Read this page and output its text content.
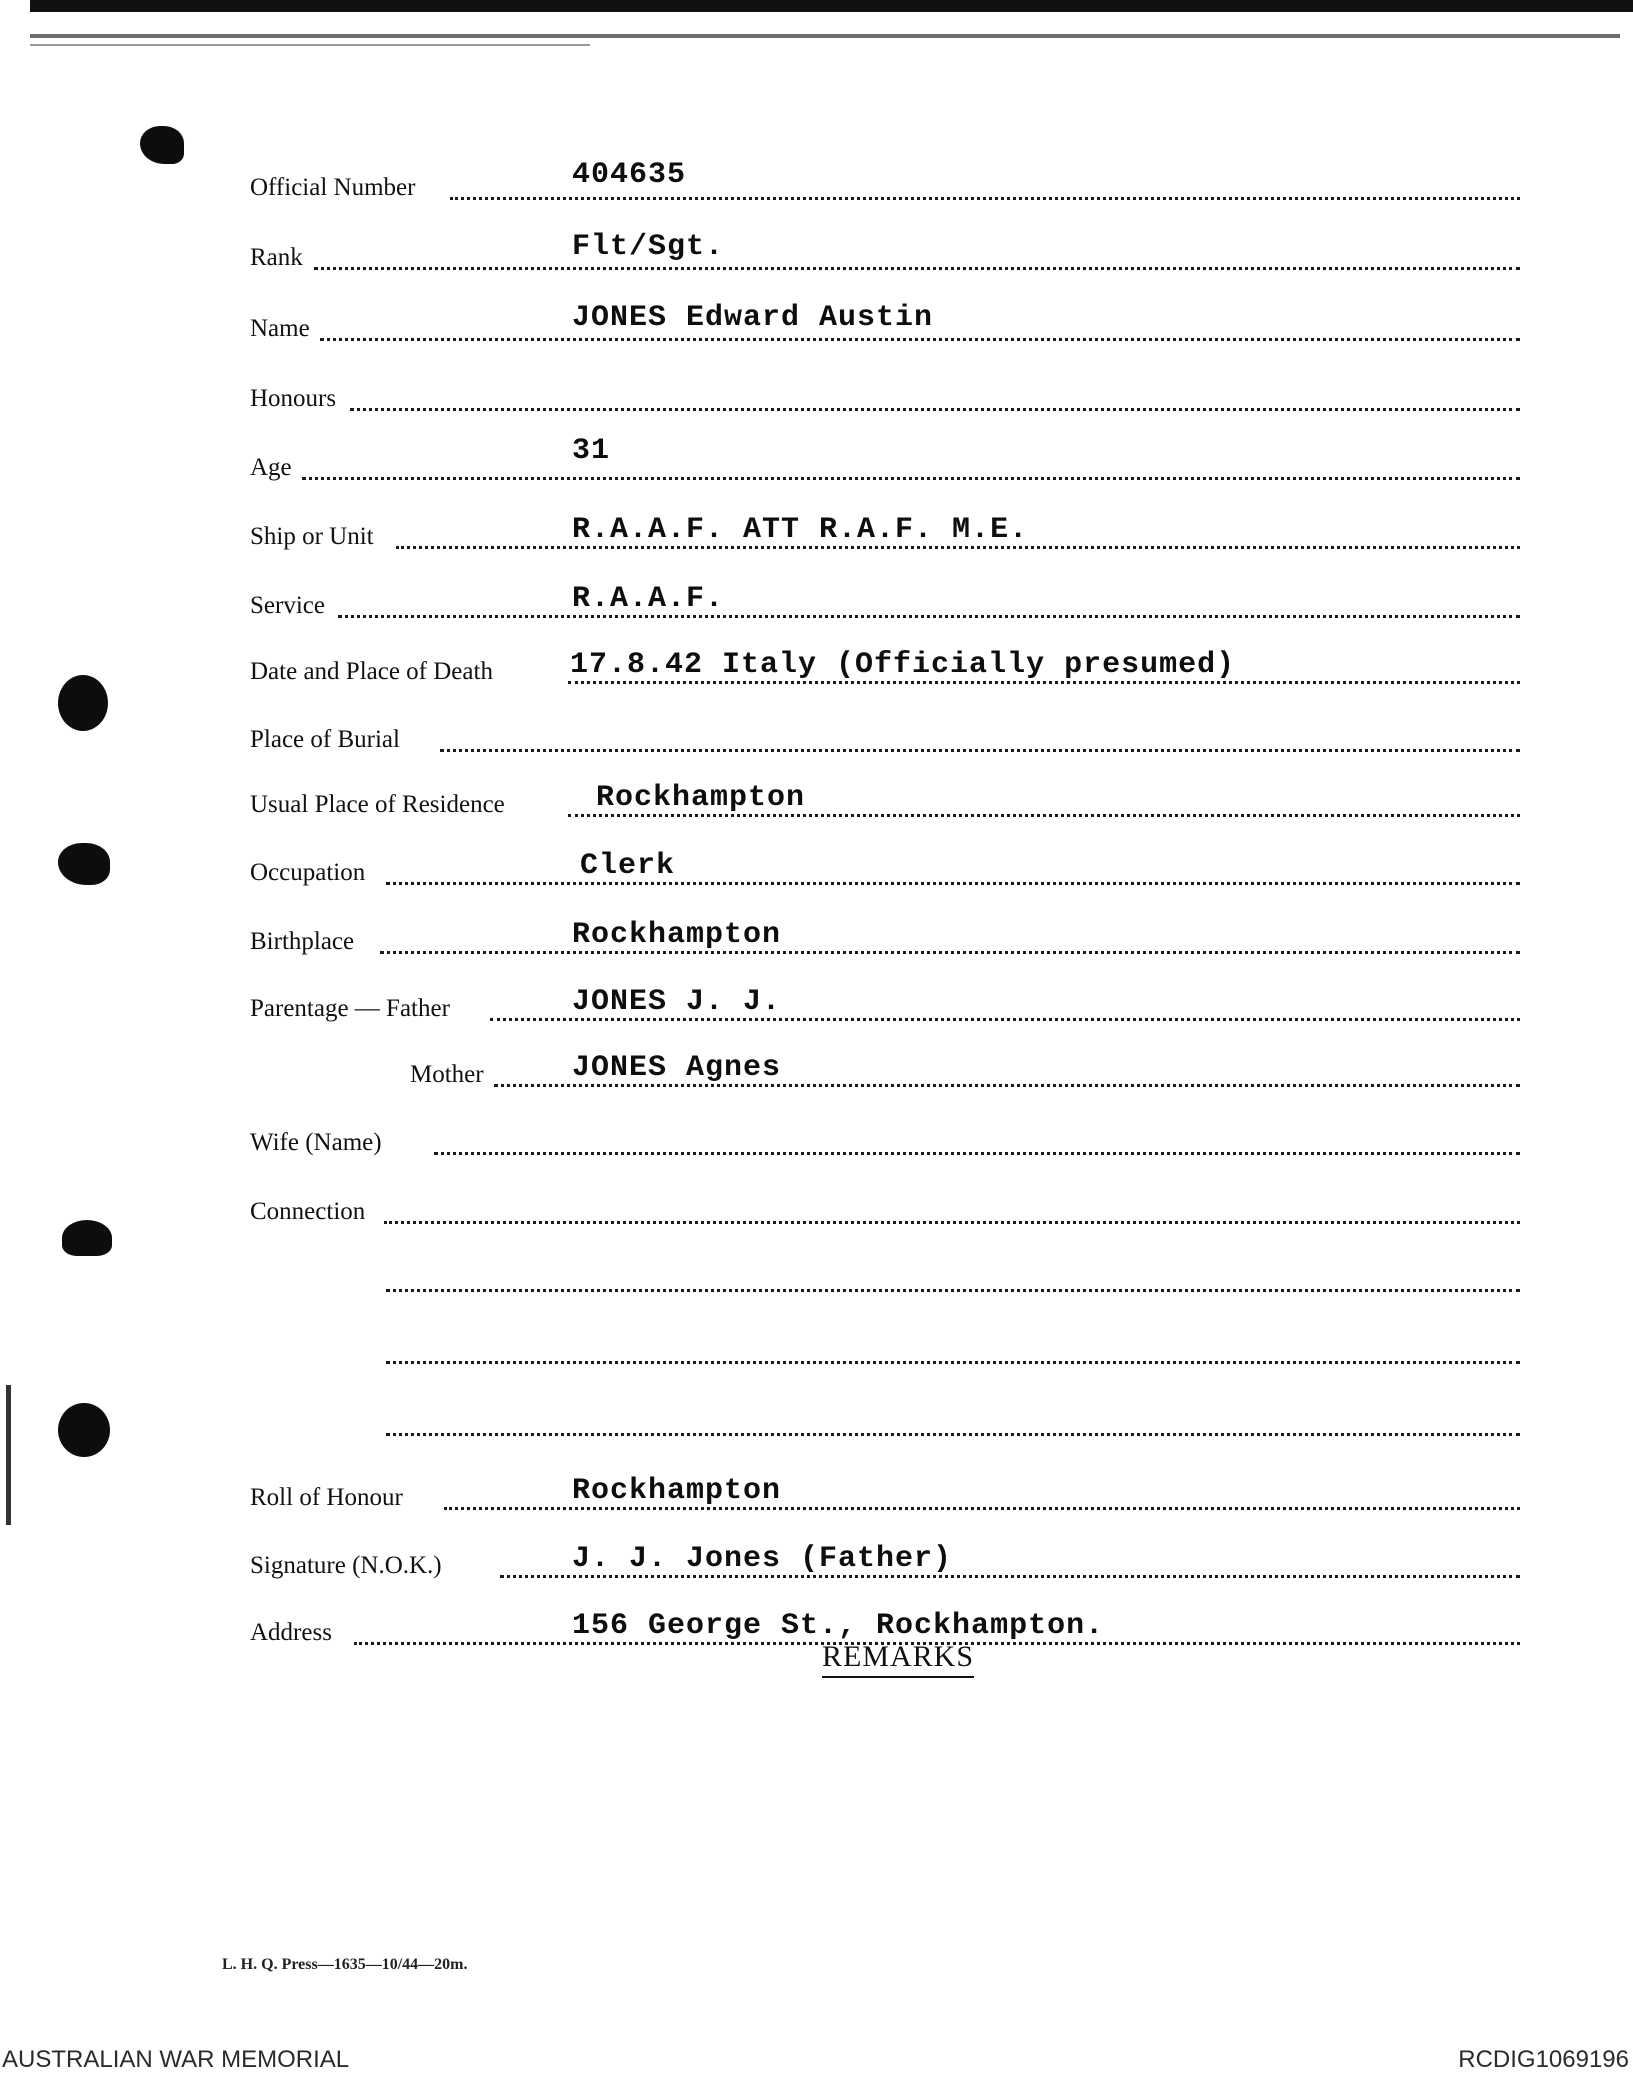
Official Number	404635
Rank	Flt/Sgt.
Name	JONES Edward Austin
Honours
Age	31
Ship or Unit	R.A.A.F. ATT R.A.F. M.E.
Service	R.A.A.F.
Date and Place of Death	17.8.42 Italy (Officially presumed)
Place of Burial
Usual Place of Residence	Rockhampton
Occupation	Clerk
Birthplace	Rockhampton
Parentage — Father	JONES J. J.
Mother	JONES Agnes
Wife (Name)
Connection
Roll of Honour	Rockhampton
Signature (N.O.K.)	J. J. Jones (Father)
Address	156 George St., Rockhampton.
REMARKS
L. H. Q. Press—1635—10/44—20m.
AUSTRALIAN WAR MEMORIAL	RCDIG1069196
